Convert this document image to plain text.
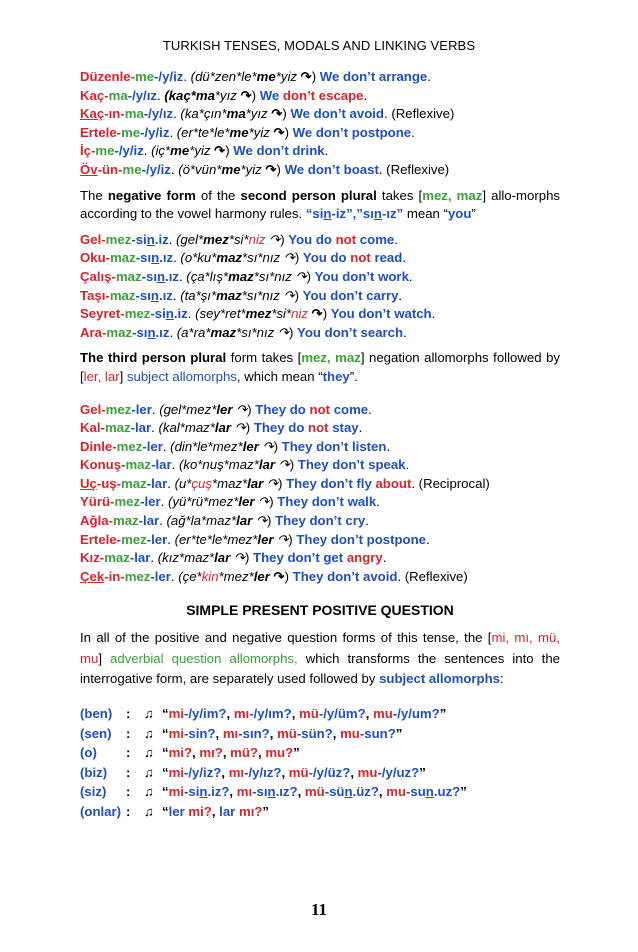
TURKISH TENSES, MODALS AND LINKING VERBS
Düzenle-me-/y/iz. (dü*zen*le*me*yiz ↷) We don’t arrange.
Kaç-ma-/y/ız. (kaç*ma*yız ↷) We don’t escape.
Kaç-ın-ma-/y/ız. (ka*çın*ma*yız ↷) We don’t avoid. (Reflexive)
Ertele-me-/y/iz. (er*te*le*me*yiz ↷) We don’t postpone.
İç-me-/y/iz. (iç*me*yiz ↷) We don’t drink.
Öv-ün-me-/y/iz. (ö*vün*me*yiz ↷) We don’t boast. (Reflexive)
The negative form of the second person plural takes [mez, maz] allo-morphs according to the vowel harmony rules. “sin-iz”,”sın-ız” mean “you”
Gel-mez-sin.iz. (gel*mez*si*niz ↷) You do not come.
Oku-maz-sın.ız. (o*ku*maz*sı*nız ↷) You do not read.
Çalış-maz-sın.ız. (ça*lış*maz*sı*nız ↷) You don’t work.
Taşı-maz-sın.ız. (ta*şı*maz*sı*nız ↷) You don’t carry.
Seyret-mez-sin.iz. (sey*ret*mez*si*niz ↷) You don’t watch.
Ara-maz-sın.ız. (a*ra*maz*sı*nız ↷) You don’t search.
The third person plural form takes [mez, maz] negation allomorphs followed by [ler, lar] subject allomorphs, which mean “they”.
Gel-mez-ler. (gel*mez*ler ↷) They do not come.
Kal-maz-lar. (kal*maz*lar ↷) They do not stay.
Dinle-mez-ler. (din*le*mez*ler ↷) They don’t listen.
Konuş-maz-lar. (ko*nuş*maz*lar ↷) They don’t speak.
Uç-uş-maz-lar. (u*çuş*maz*lar ↷) They don’t fly about. (Reciprocal)
Yürü-mez-ler. (yü*rü*mez*ler ↷) They don’t walk.
Ağla-maz-lar. (ağ*la*maz*lar ↷) They don’t cry.
Ertele-mez-ler. (er*te*le*mez*ler ↷) They don’t postpone.
Kız-maz-lar. (kız*maz*lar ↷) They don’t get angry.
Çek-in-mez-ler. (çe*kin*mez*ler ↷) They don’t avoid. (Reflexive)
SIMPLE PRESENT POSITIVE QUESTION
In all of the positive and negative question forms of this tense, the [mi, mı, mü, mu] adverbial question allomorphs, which transforms the sentences into the interrogative form, are separately used followed by subject allomorphs:
(ben)	:	♫ “mi-/y/im?, mı-/y/ım?, mü-/y/üm?, mu-/y/um?”
(sen)	:	♫ “mi-sin?, mı-sın?, mü-sün?, mu-sun?”
(o)	:	♫ “mi?, mı?, mü?, mu?”
(biz)	:	♫ “mi-/y/iz?, mı-/y/ız?, mü-/y/üz?, mu-/y/uz?”
(siz)	:	♫ “mi-sin.iz?, mı-sın.ız?, mü-sün.üz?, mu-sun.uz?”
(onlar) :	♫ “ler mi?, lar mı?”
11
